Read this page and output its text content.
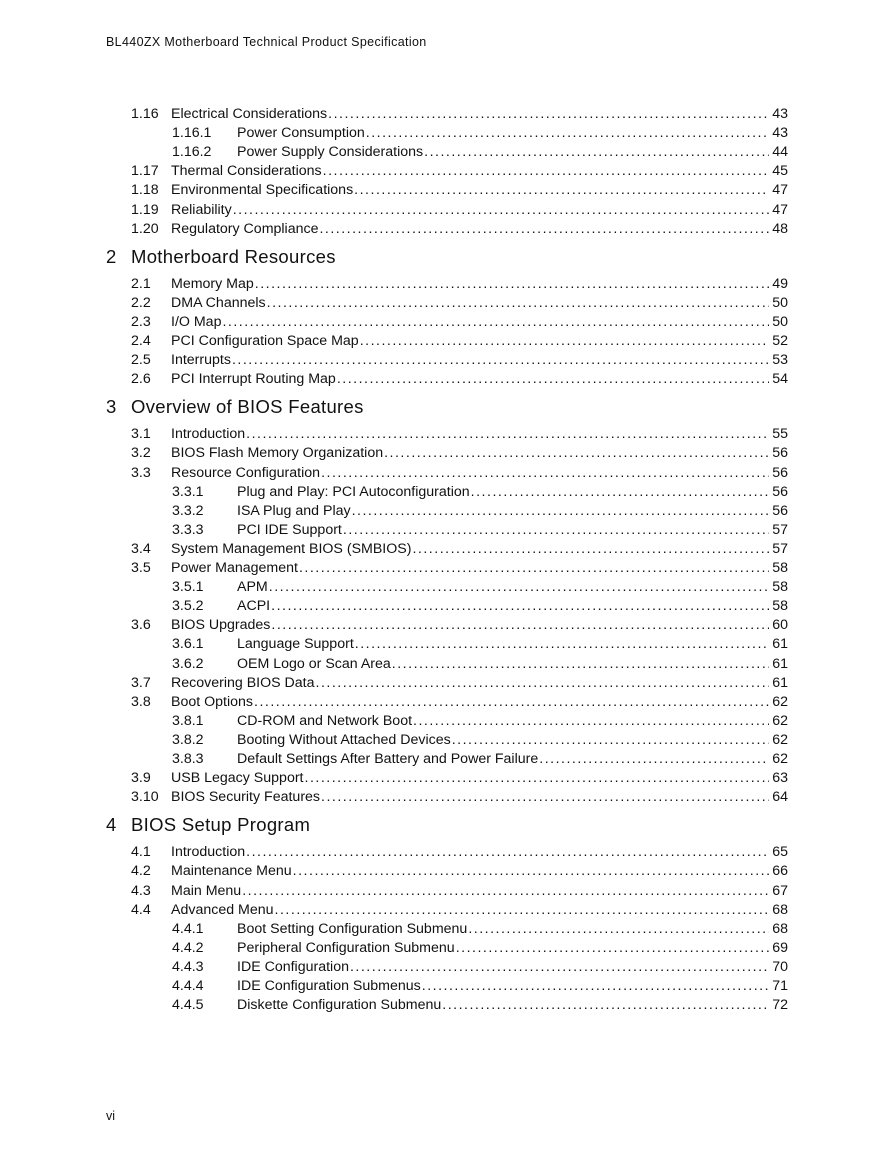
BL440ZX Motherboard Technical Product Specification
1.16 Electrical Considerations .....	43
1.16.1	Power Consumption .....	43
1.16.2	Power Supply Considerations .....	44
1.17 Thermal Considerations .....	45
1.18 Environmental Specifications .....	47
1.19 Reliability .....	47
1.20 Regulatory Compliance .....	48
2 Motherboard Resources
2.1	Memory Map .....	49
2.2	DMA Channels .....	50
2.3	I/O Map .....	50
2.4	PCI Configuration Space Map .....	52
2.5	Interrupts .....	53
2.6	PCI Interrupt Routing Map .....	54
3 Overview of BIOS Features
3.1	Introduction .....	55
3.2	BIOS Flash Memory Organization .....	56
3.3	Resource Configuration .....	56
3.3.1	Plug and Play: PCI Autoconfiguration .....	56
3.3.2	ISA Plug and Play .....	56
3.3.3	PCI IDE Support .....	57
3.4	System Management BIOS (SMBIOS) .....	57
3.5	Power Management .....	58
3.5.1	APM .....	58
3.5.2	ACPI .....	58
3.6	BIOS Upgrades .....	60
3.6.1	Language Support .....	61
3.6.2	OEM Logo or Scan Area .....	61
3.7	Recovering BIOS Data .....	61
3.8	Boot Options .....	62
3.8.1	CD-ROM and Network Boot .....	62
3.8.2	Booting Without Attached Devices .....	62
3.8.3	Default Settings After Battery and Power Failure .....	62
3.9	USB Legacy Support .....	63
3.10 BIOS Security Features .....	64
4 BIOS Setup Program
4.1	Introduction .....	65
4.2	Maintenance Menu .....	66
4.3	Main Menu .....	67
4.4	Advanced Menu .....	68
4.4.1	Boot Setting Configuration Submenu .....	68
4.4.2	Peripheral Configuration Submenu .....	69
4.4.3	IDE Configuration .....	70
4.4.4	IDE Configuration Submenus .....	71
4.4.5	Diskette Configuration Submenu .....	72
vi
